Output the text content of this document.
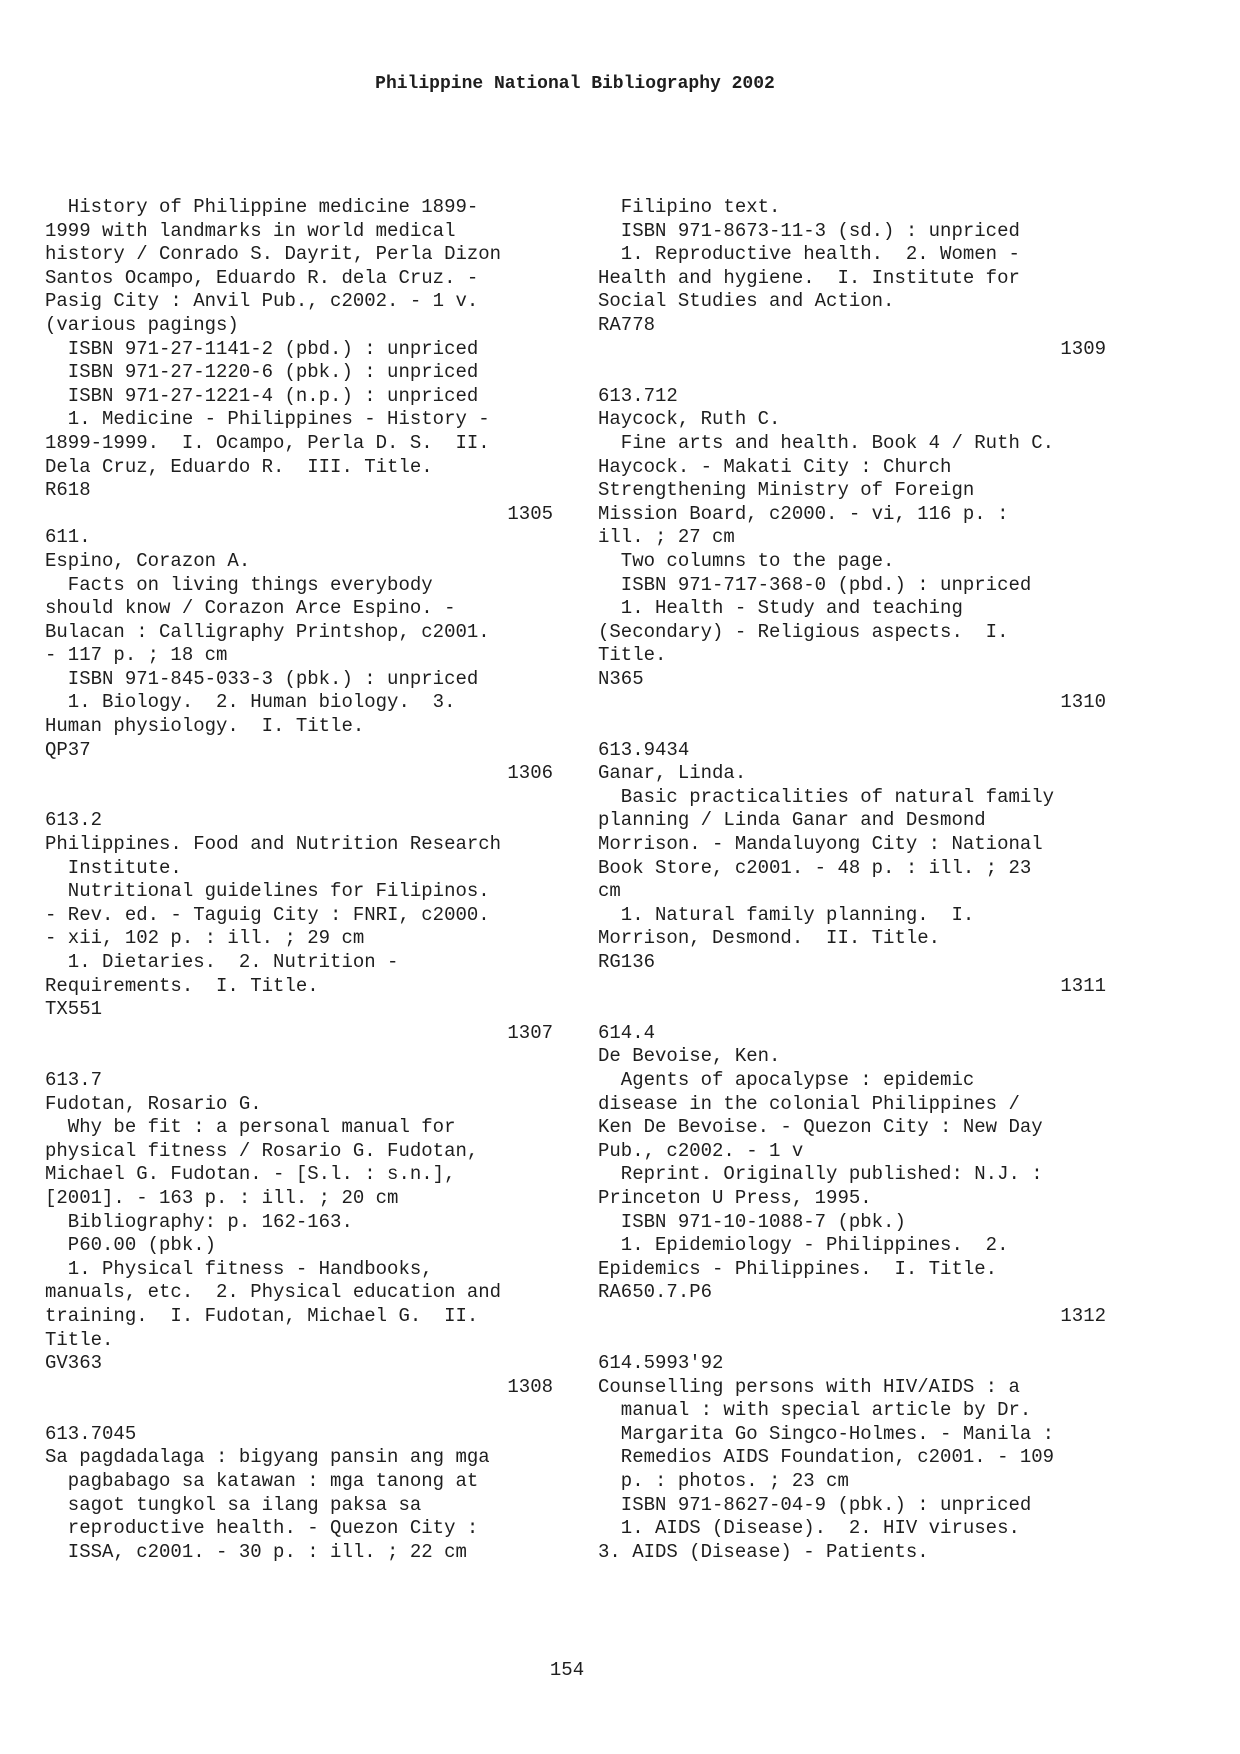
Philippine National Bibliography 2002
History of Philippine medicine 1899-
1999 with landmarks in world medical
history / Conrado S. Dayrit, Perla Dizon
Santos Ocampo, Eduardo R. dela Cruz. -
Pasig City : Anvil Pub., c2002. - 1 v.
(various pagings)
ISBN 971-27-1141-2 (pbd.) : unpriced
ISBN 971-27-1220-6 (pbk.) : unpriced
ISBN 971-27-1221-4 (n.p.) : unpriced
1. Medicine - Philippines - History -
1899-1999.  I. Ocampo, Perla D. S.  II.
Dela Cruz, Eduardo R.  III. Title.
R618
1305
611.
Espino, Corazon A.
Facts on living things everybody
should know / Corazon Arce Espino. -
Bulacan : Calligraphy Printshop, c2001.
- 117 p. ; 18 cm
ISBN 971-845-033-3 (pbk.) : unpriced
1. Biology.  2. Human biology.  3.
Human physiology.  I. Title.
QP37
1306
613.2
Philippines. Food and Nutrition Research
Institute.
Nutritional guidelines for Filipinos.
- Rev. ed. - Taguig City : FNRI, c2000.
- xii, 102 p. : ill. ; 29 cm
1. Dietaries.  2. Nutrition -
Requirements.  I. Title.
TX551
1307
613.7
Fudotan, Rosario G.
Why be fit : a personal manual for
physical fitness / Rosario G. Fudotan,
Michael G. Fudotan. - [S.l. : s.n.],
[2001]. - 163 p. : ill. ; 20 cm
Bibliography: p. 162-163.
P60.00 (pbk.)
1. Physical fitness - Handbooks,
manuals, etc.  2. Physical education and
training.  I. Fudotan, Michael G.  II.
Title.
GV363
1308
613.7045
Sa pagdadalaga : bigyang pansin ang mga
pagbabago sa katawan : mga tanong at
sagot tungkol sa ilang paksa sa
reproductive health. - Quezon City :
ISSA, c2001. - 30 p. : ill. ; 22 cm
Filipino text.
ISBN 971-8673-11-3 (sd.) : unpriced
1. Reproductive health.  2. Women -
Health and hygiene.  I. Institute for
Social Studies and Action.
RA778
1309
613.712
Haycock, Ruth C.
Fine arts and health. Book 4 / Ruth C.
Haycock. - Makati City : Church
Strengthening Ministry of Foreign
Mission Board, c2000. - vi, 116 p. :
ill. ; 27 cm
Two columns to the page.
ISBN 971-717-368-0 (pbd.) : unpriced
1. Health - Study and teaching
(Secondary) - Religious aspects.  I.
Title.
N365
1310
613.9434
Ganar, Linda.
Basic practicalities of natural family
planning / Linda Ganar and Desmond
Morrison. - Mandaluyong City : National
Book Store, c2001. - 48 p. : ill. ; 23
cm
1. Natural family planning.  I.
Morrison, Desmond.  II. Title.
RG136
1311
614.4
De Bevoise, Ken.
Agents of apocalypse : epidemic
disease in the colonial Philippines /
Ken De Bevoise. - Quezon City : New Day
Pub., c2002. - 1 v
Reprint. Originally published: N.J. :
Princeton U Press, 1995.
ISBN 971-10-1088-7 (pbk.)
1. Epidemiology - Philippines.  2.
Epidemics - Philippines.  I. Title.
RA650.7.P6
1312
614.5993'92
Counselling persons with HIV/AIDS : a
manual : with special article by Dr.
Margarita Go Singco-Holmes. - Manila :
Remedios AIDS Foundation, c2001. - 109
p. : photos. ; 23 cm
ISBN 971-8627-04-9 (pbk.) : unpriced
1. AIDS (Disease).  2. HIV viruses.
3. AIDS (Disease) - Patients.
154
